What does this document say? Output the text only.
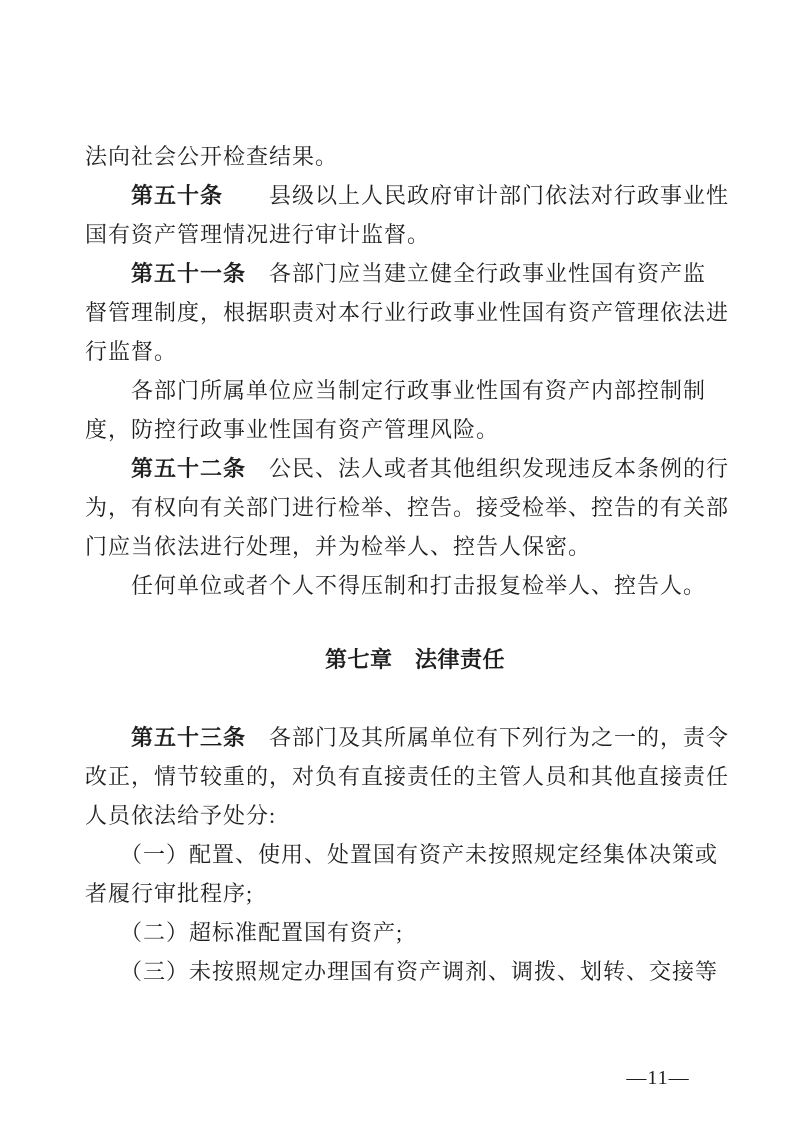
法向社会公开检查结果。
　　第五十条　　县级以上人民政府审计部门依法对行政事业性
国有资产管理情况进行审计监督。
　　第五十一条　各部门应当建立健全行政事业性国有资产监
督管理制度，根据职责对本行业行政事业性国有资产管理依法进
行监督。
　　各部门所属单位应当制定行政事业性国有资产内部控制制
度，防控行政事业性国有资产管理风险。
　　第五十二条　公民、法人或者其他组织发现违反本条例的行
为，有权向有关部门进行检举、控告。接受检举、控告的有关部
门应当依法进行处理，并为检举人、控告人保密。
　　任何单位或者个人不得压制和打击报复检举人、控告人。
第七章　法律责任
　　第五十三条　各部门及其所属单位有下列行为之一的，责令
改正，情节较重的，对负有直接责任的主管人员和其他直接责任
人员依法给予处分:
　　（一）配置、使用、处置国有资产未按照规定经集体决策或
者履行审批程序;
　　（二）超标准配置国有资产;
　　（三）未按照规定办理国有资产调剂、调拨、划转、交接等
—11—
